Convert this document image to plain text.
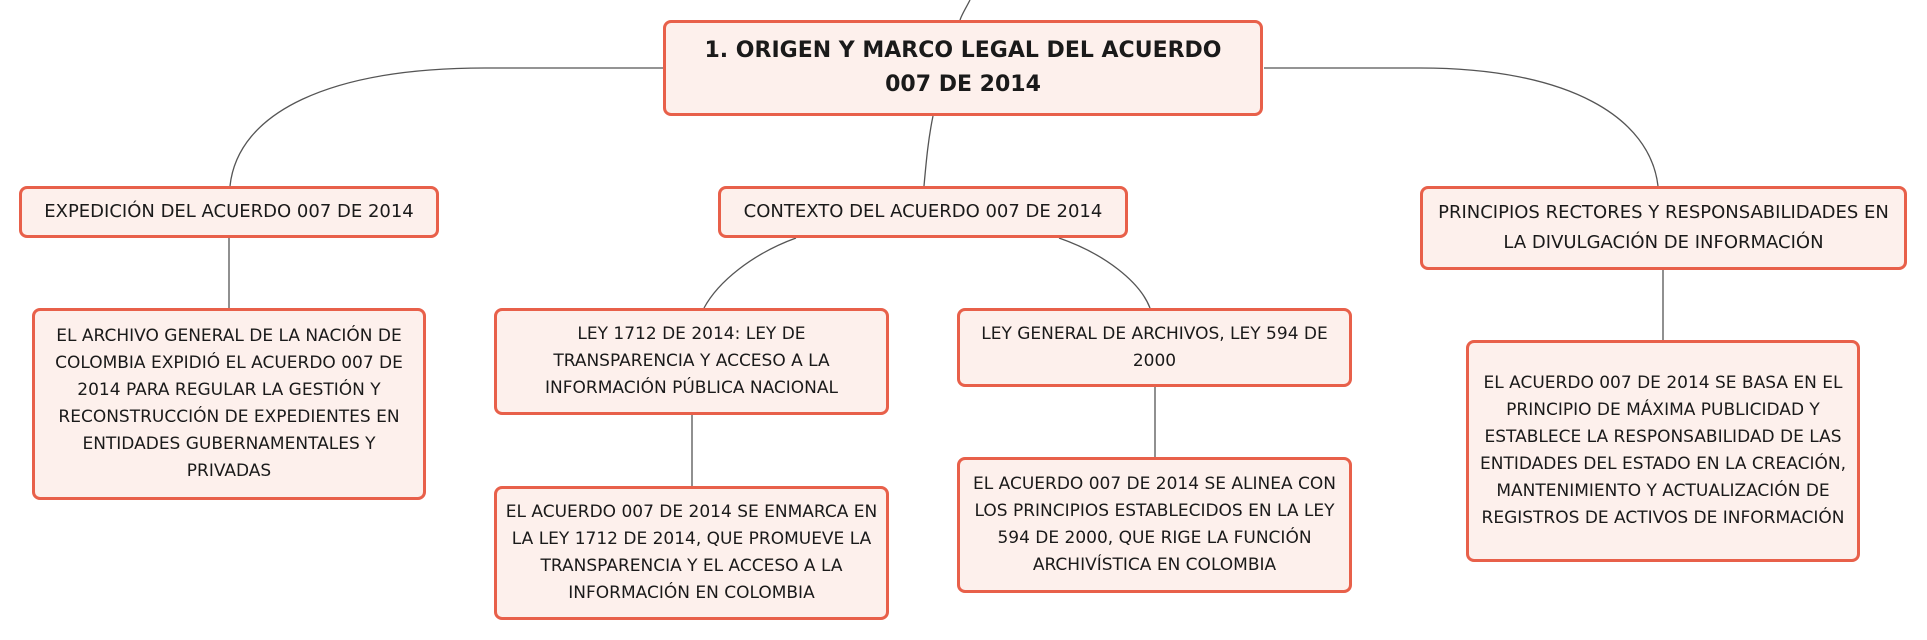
1. ORIGEN Y MARCO LEGAL DEL ACUERDO 007 DE 2014
EXPEDICIÓN DEL ACUERDO 007 DE 2014
EL ARCHIVO GENERAL DE LA NACIÓN DE COLOMBIA EXPIDIÓ EL ACUERDO 007 DE 2014 PARA REGULAR LA GESTIÓN Y RECONSTRUCCIÓN DE EXPEDIENTES EN ENTIDADES GUBERNAMENTALES Y PRIVADAS
CONTEXTO DEL ACUERDO 007 DE 2014
LEY 1712 DE 2014: LEY DE TRANSPARENCIA Y ACCESO A LA INFORMACIÓN PÚBLICA NACIONAL
EL ACUERDO 007 DE 2014 SE ENMARCA EN LA LEY 1712 DE 2014, QUE PROMUEVE LA TRANSPARENCIA Y EL ACCESO A LA INFORMACIÓN EN COLOMBIA
LEY GENERAL DE ARCHIVOS, LEY 594 DE 2000
EL ACUERDO 007 DE 2014 SE ALINEA CON LOS PRINCIPIOS ESTABLECIDOS EN LA LEY 594 DE 2000, QUE RIGE LA FUNCIÓN ARCHIVÍSTICA EN COLOMBIA
PRINCIPIOS RECTORES Y RESPONSABILIDADES EN LA DIVULGACIÓN DE INFORMACIÓN
EL ACUERDO 007 DE 2014 SE BASA EN EL PRINCIPIO DE MÁXIMA PUBLICIDAD Y ESTABLECE LA RESPONSABILIDAD DE LAS ENTIDADES DEL ESTADO EN LA CREACIÓN, MANTENIMIENTO Y ACTUALIZACIÓN DE REGISTROS DE ACTIVOS DE INFORMACIÓN
